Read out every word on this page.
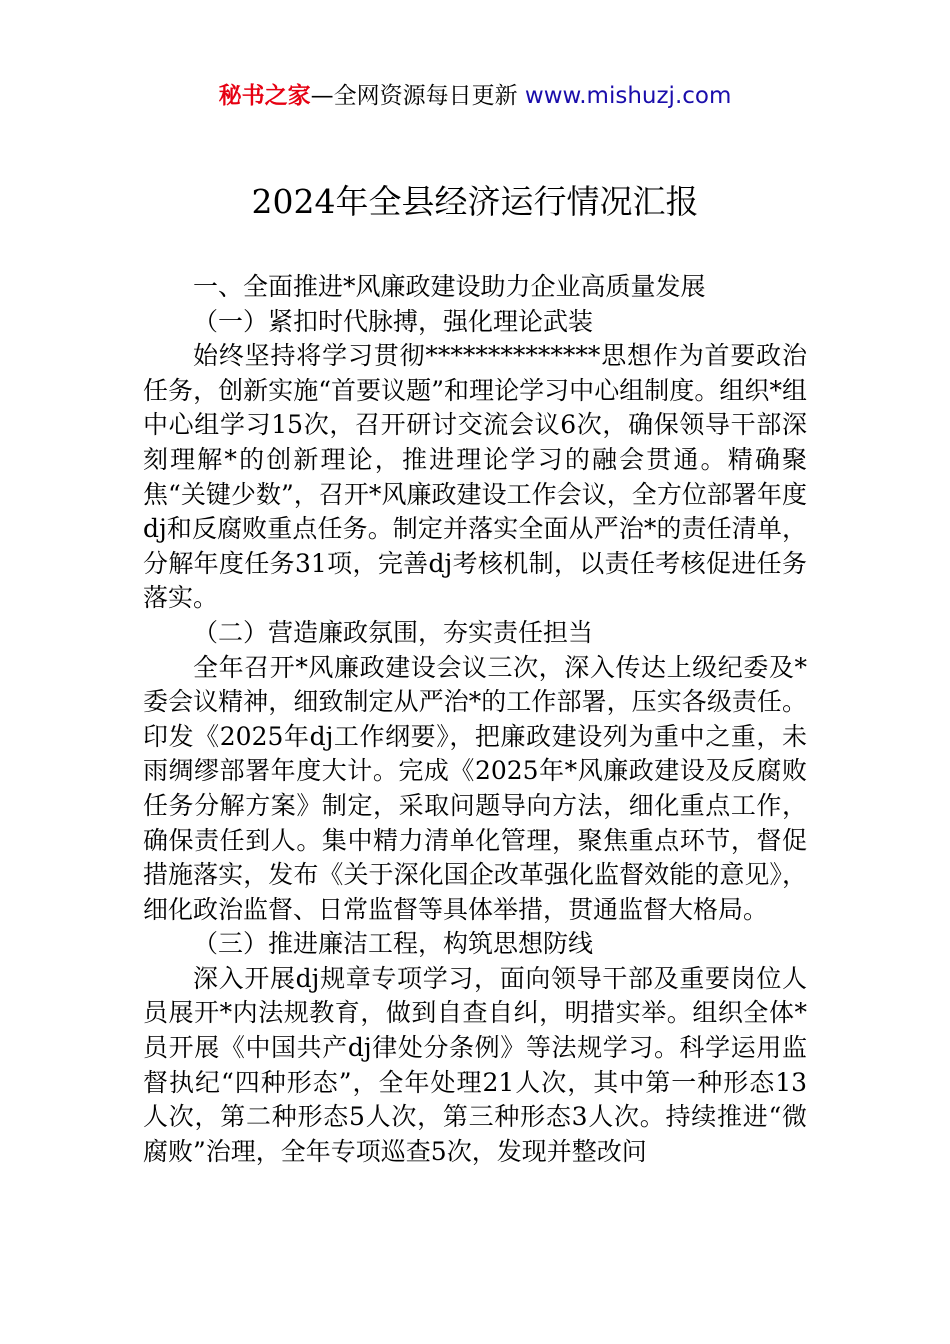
秘书之家—全网资源每日更新 www.mishuzj.com
2024年全县经济运行情况汇报

一、全面推进*风廉政建设助力企业高质量发展

（一）紧扣时代脉搏，强化理论武装

始终坚持将学习贯彻**************思想作为首要政治任务，创新实施“首要议题”和理论学习中心组制度。组织*组中心组学习15次，召开研讨交流会议6次，确保领导干部深刻理解*的创新理论，推进理论学习的融会贯通。精确聚焦“关键少数”，召开*风廉政建设工作会议，全方位部署年度dj和反腐败重点任务。制定并落实全面从严治*的责任清单，分解年度任务31项，完善dj考核机制，以责任考核促进任务落实。

（二）营造廉政氛围，夯实责任担当

全年召开*风廉政建设会议三次，深入传达上级纪委及*委会议精神，细致制定从严治*的工作部署，压实各级责任。印发《2025年dj工作纲要》，把廉政建设列为重中之重，未雨绸缪部署年度大计。完成《2025年*风廉政建设及反腐败任务分解方案》制定，采取问题导向方法，细化重点工作，确保责任到人。集中精力清单化管理，聚焦重点环节，督促措施落实，发布《关于深化国企改革强化监督效能的意见》，细化政治监督、日常监督等具体举措，贯通监督大格局。

（三）推进廉洁工程，构筑思想防线

深入开展dj规章专项学习，面向领导干部及重要岗位人员展开*内法规教育，做到自查自纠，明措实举。组织全体*员开展《中国共产dj律处分条例》等法规学习。科学运用监督执纪“四种形态”，全年处理21人次，其中第一种形态13人次，第二种形态5人次，第三种形态3人次。持续推进“微腐败”治理，全年专项巡查5次，发现并整改问
